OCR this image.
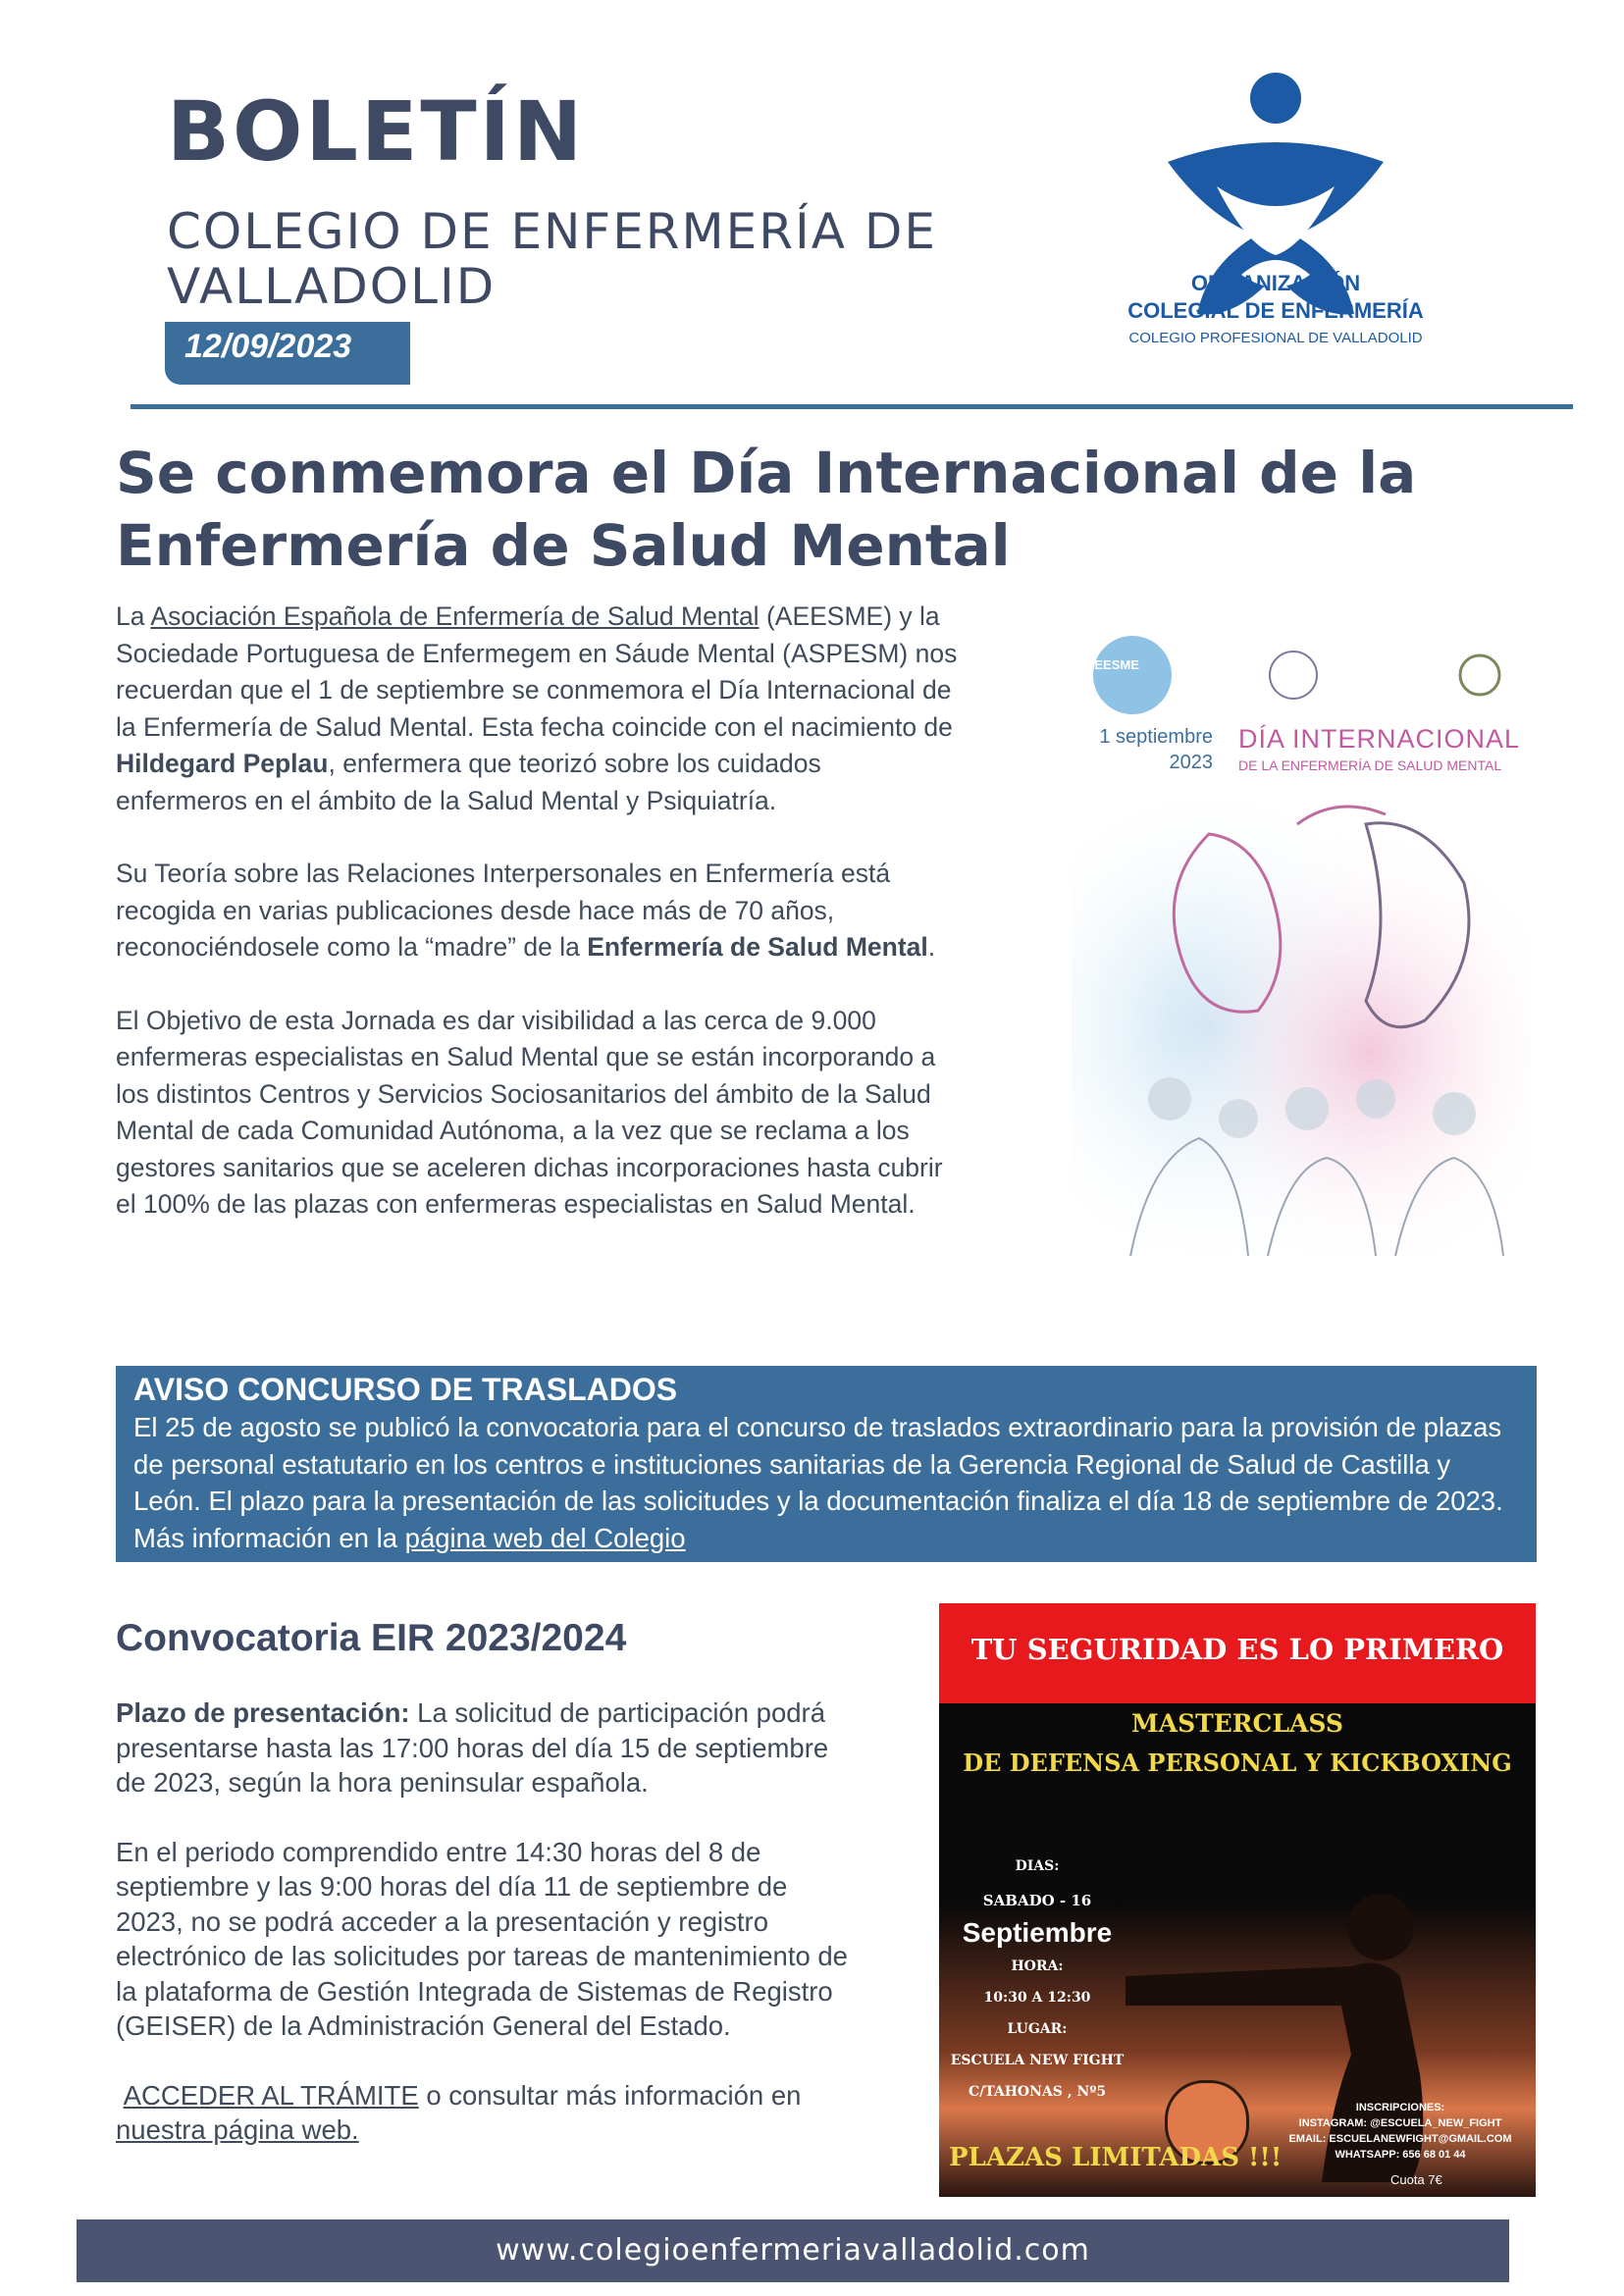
BOLETÍN
COLEGIO DE ENFERMERÍA DE VALLADOLID
12/09/2023
ORGANIZACIÓN
COLEGIAL DE ENFERMERÍA
COLEGIO PROFESIONAL DE VALLADOLID
Se conmemora el Día Internacional de la Enfermería de Salud Mental

La Asociación Española de Enfermería de Salud Mental (AEESME) y la Sociedade Portuguesa de Enfermegem en Sáude Mental (ASPESM) nos recuerdan que el 1 de septiembre se conmemora el Día Internacional de la Enfermería de Salud Mental. Esta fecha coincide con el nacimiento de Hildegard Peplau, enfermera que teorizó sobre los cuidados enfermeros en el ámbito de la Salud Mental y Psiquiatría.

Su Teoría sobre las Relaciones Interpersonales en Enfermería está recogida en varias publicaciones desde hace más de 70 años, reconociéndosele como la “madre” de la Enfermería de Salud Mental.

El Objetivo de esta Jornada es dar visibilidad a las cerca de 9.000 enfermeras especialistas en Salud Mental que se están incorporando a los distintos Centros y Servicios Sociosanitarios del ámbito de la Salud Mental de cada Comunidad Autónoma, a la vez que se reclama a los gestores sanitarios que se aceleren dichas incorporaciones hasta cubrir el 100% de las plazas con enfermeras especialistas en Salud Mental.

AEESME
1 septiembre
2023
DÍA INTERNACIONAL
DE LA ENFERMERÍA DE SALUD MENTAL
AVISO CONCURSO DE TRASLADOS
El 25 de agosto se publicó la convocatoria para el concurso de traslados extraordinario para la provisión de plazas de personal estatutario en los centros e instituciones sanitarias de la Gerencia Regional de Salud de Castilla y León. El plazo para la presentación de las solicitudes y la documentación finaliza el día 18 de septiembre de 2023. Más información en la página web del Colegio
Convocatoria EIR 2023/2024

Plazo de presentación: La solicitud de participación podrá presentarse hasta las 17:00 horas del día 15 de septiembre de 2023, según la hora peninsular española.

En el periodo comprendido entre 14:30 horas del 8 de septiembre y las 9:00 horas del día 11 de septiembre de 2023, no se podrá acceder a la presentación y registro electrónico de las solicitudes por tareas de mantenimiento de la plataforma de Gestión Integrada de Sistemas de Registro (GEISER) de la Administración General del Estado.

ACCEDER AL TRÁMITE o consultar más información en nuestra página web.

TU SEGURIDAD ES LO PRIMERO
MASTERCLASS
DE DEFENSA PERSONAL Y KICKBOXING
DIAS:
SABADO - 16
Septiembre
HORA:
10:30 A 12:30
LUGAR:
ESCUELA NEW FIGHT
C/TAHONAS , Nº5
INSCRIPCIONES:
INSTAGRAM: @ESCUELA_NEW_FIGHT
EMAIL: ESCUELANEWFIGHT@GMAIL.COM
WHATSAPP: 656 68 01 44
PLAZAS LIMITADAS !!!
Cuota 7€
www.colegioenfermeriavalladolid.com
